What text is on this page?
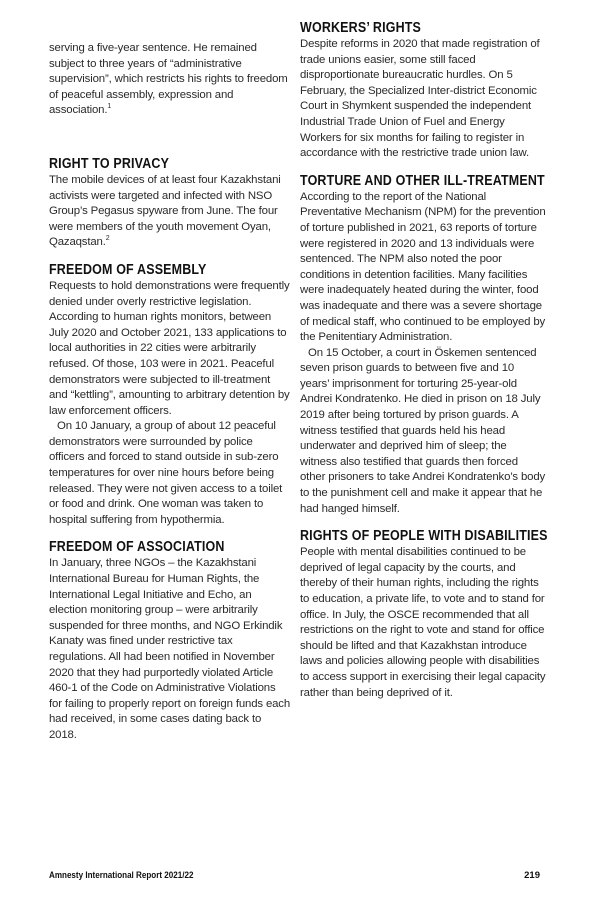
serving a five-year sentence. He remained subject to three years of “administrative supervision”, which restricts his rights to freedom of peaceful assembly, expression and association.$^1$

RIGHT TO PRIVACY

The mobile devices of at least four Kazakhstani activists were targeted and infected with NSO Group’s Pegasus spyware from June. The four were members of the youth movement Oyan, Qazaqstan.$^2$

FREEDOM OF ASSEMBLY

Requests to hold demonstrations were frequently denied under overly restrictive legislation. According to human rights monitors, between July 2020 and October 2021, 133 applications to local authorities in 22 cities were arbitrarily refused. Of those, 103 were in 2021. Peaceful demonstrators were subjected to ill-treatment and “kettling”, amounting to arbitrary detention by law enforcement officers.

On 10 January, a group of about 12 peaceful demonstrators were surrounded by police officers and forced to stand outside in sub-zero temperatures for over nine hours before being released. They were not given access to a toilet or food and drink. One woman was taken to hospital suffering from hypothermia.

FREEDOM OF ASSOCIATION

In January, three NGOs – the Kazakhstani International Bureau for Human Rights, the International Legal Initiative and Echo, an election monitoring group – were arbitrarily suspended for three months, and NGO Erkindik Kanaty was fined under restrictive tax regulations. All had been notified in November 2020 that they had purportedly violated Article 460-1 of the Code on Administrative Violations for failing to properly report on foreign funds each had received, in some cases dating back to 2018.

WORKERS’ RIGHTS

Despite reforms in 2020 that made registration of trade unions easier, some still faced disproportionate bureaucratic hurdles. On 5 February, the Specialized Inter-district Economic Court in Shymkent suspended the independent Industrial Trade Union of Fuel and Energy Workers for six months for failing to register in accordance with the restrictive trade union law.

TORTURE AND OTHER ILL-TREATMENT

According to the report of the National Preventative Mechanism (NPM) for the prevention of torture published in 2021, 63 reports of torture were registered in 2020 and 13 individuals were sentenced. The NPM also noted the poor conditions in detention facilities. Many facilities were inadequately heated during the winter, food was inadequate and there was a severe shortage of medical staff, who continued to be employed by the Penitentiary Administration.

On 15 October, a court in Öskemen sentenced seven prison guards to between five and 10 years’ imprisonment for torturing 25-year-old Andrei Kondratenko. He died in prison on 18 July 2019 after being tortured by prison guards. A witness testified that guards held his head underwater and deprived him of sleep; the witness also testified that guards then forced other prisoners to take Andrei Kondratenko’s body to the punishment cell and make it appear that he had hanged himself.

RIGHTS OF PEOPLE WITH DISABILITIES

People with mental disabilities continued to be deprived of legal capacity by the courts, and thereby of their human rights, including the rights to education, a private life, to vote and to stand for office. In July, the OSCE recommended that all restrictions on the right to vote and stand for office should be lifted and that Kazakhstan introduce laws and policies allowing people with disabilities to access support in exercising their legal capacity rather than being deprived of it.

Amnesty International Report 2021/22	219
